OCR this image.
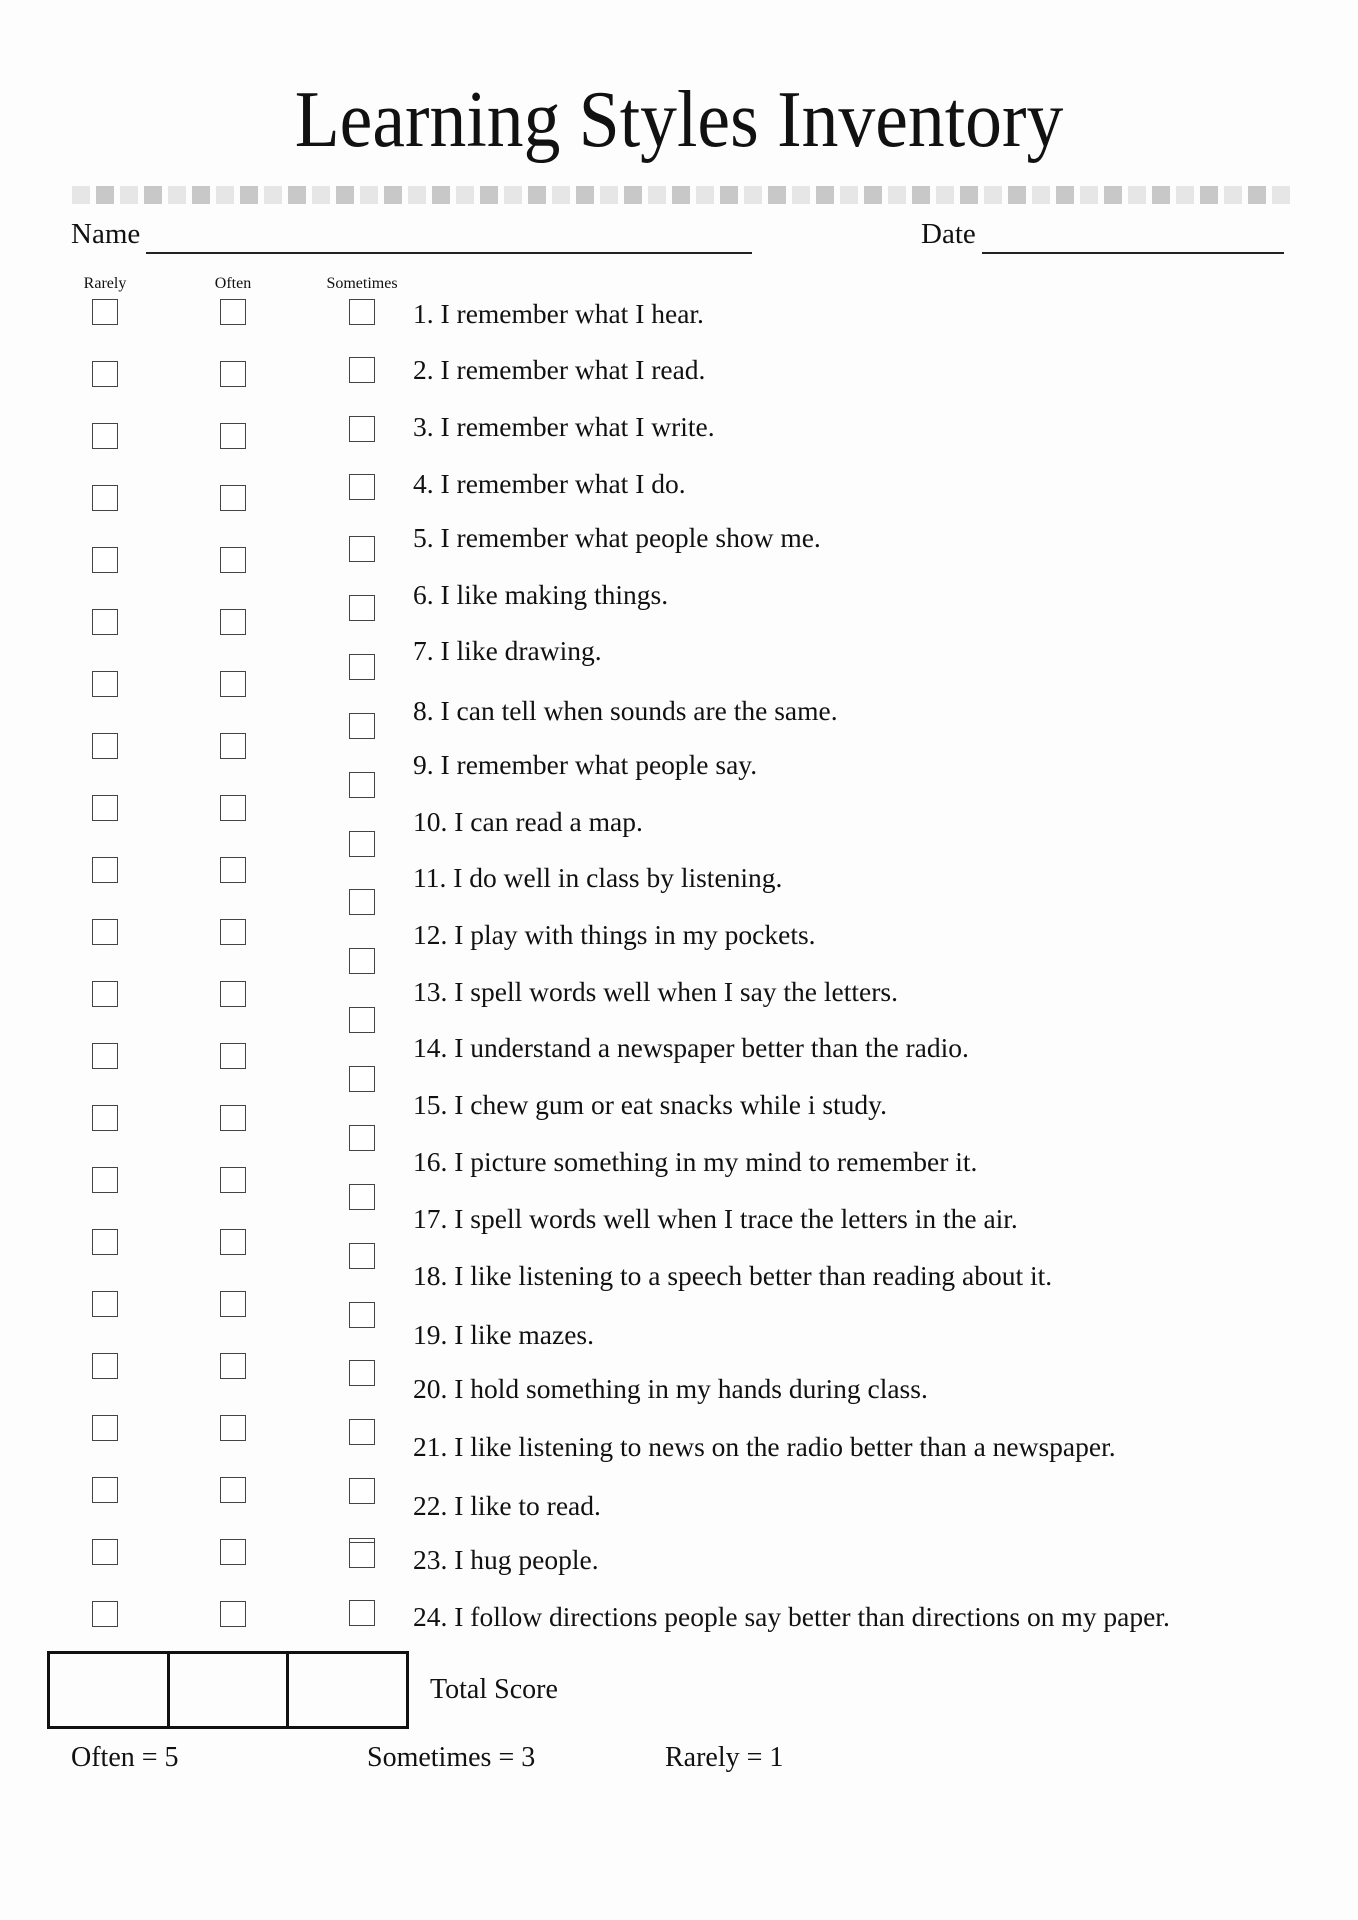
Learning Styles Inventory
Name	Date
Rarely	Often	Sometimes
1. I remember what I hear.
2. I remember what I read.
3. I remember what I write.
4. I remember what I do.
5. I remember what people show me.
6. I like making things.
7. I like drawing.
8. I can tell when sounds are the same.
9. I remember what people say.
10. I can read a map.
11. I do well in class by listening.
12. I play with things in my pockets.
13. I spell words well when I say the letters.
14. I understand a newspaper better than the radio.
15. I chew gum or eat snacks while i study.
16. I picture something in my mind to remember it.
17. I spell words well when I trace the letters in the air.
18. I like listening to a speech better than reading about it.
19. I like mazes.
20. I hold something in my hands during class.
21. I like listening to news on the radio better than a newspaper.
22. I like to read.
23. I hug people.
24. I follow directions people say better than directions on my paper.
Total Score
Often = 5	Sometimes = 3	Rarely = 1
